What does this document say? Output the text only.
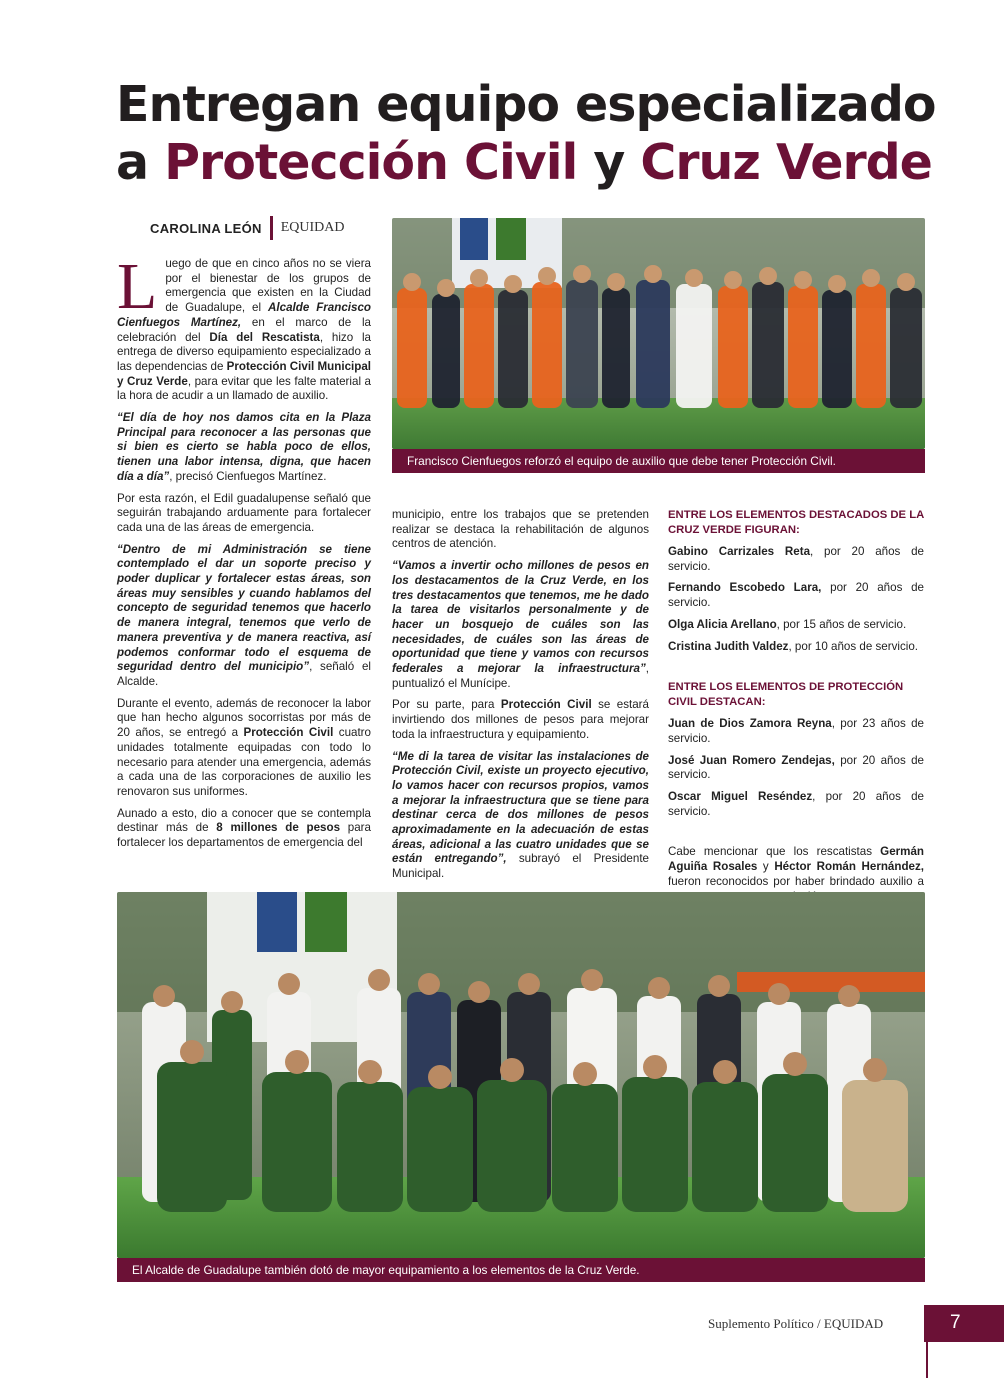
Entregan equipo especializado
a Protección Civil y Cruz Verde
CAROLINA LEÓN EQUIDAD
Francisco Cienfuegos reforzó el equipo de auxilio que debe tener Protección Civil.

Luego de que en cinco años no se viera por el bienestar de los grupos de emergencia que existen en la Ciudad de Guadalupe, el Alcalde Francisco Cienfuegos Martínez, en el marco de la celebración del Día del Rescatista, hizo la entrega de diverso equipamiento especializado a las dependencias de Protección Civil Municipal y Cruz Verde, para evitar que les falte material a la hora de acudir a un llamado de auxilio.

“El día de hoy nos damos cita en la Plaza Principal para reconocer a las personas que si bien es cierto se habla poco de ellos, tienen una labor intensa, digna, que hacen día a día”, precisó Cienfuegos Martínez.

Por esta razón, el Edil guadalupense señaló que seguirán trabajando arduamente para fortalecer cada una de las áreas de emergencia.

“Dentro de mi Administración se tiene contemplado el dar un soporte preciso y poder duplicar y fortalecer estas áreas, son áreas muy sensibles y cuando hablamos del concepto de seguridad tenemos que hacerlo de manera integral, tenemos que verlo de manera preventiva y de manera reactiva, así podemos conformar todo el esquema de seguridad dentro del municipio”, señaló el Alcalde.

Durante el evento, además de reconocer la labor que han hecho algunos socorristas por más de 20 años, se entregó a Protección Civil cuatro unidades totalmente equipadas con todo lo necesario para atender una emergencia, además a cada una de las corporaciones de auxilio les renovaron sus uniformes.

Aunado a esto, dio a conocer que se contempla destinar más de 8 millones de pesos para fortalecer los departamentos de emergencia del

municipio, entre los trabajos que se pretenden realizar se destaca la rehabilitación de algunos centros de atención.

“Vamos a invertir ocho millones de pesos en los destacamentos de la Cruz Verde, en los tres destacamentos que tenemos, me he dado la tarea de visitarlos personalmente y de hacer un bosquejo de cuáles son las necesidades, de cuáles son las áreas de oportunidad que tiene y vamos con recursos federales a mejorar la infraestructura”, puntualizó el Munícipe.

Por su parte, para Protección Civil se estará invirtiendo dos millones de pesos para mejorar toda la infraestructura y equipamiento.

“Me di la tarea de visitar las instalaciones de Protección Civil, existe un proyecto ejecutivo, lo vamos hacer con recursos propios, vamos a mejorar la infraestructura que se tiene para destinar cerca de dos millones de pesos aproximadamente en la adecuación de estas áreas, adicional a las cuatro unidades que se están entregando”, subrayó el Presidente Municipal.

ENTRE LOS ELEMENTOS DESTACADOS DE LA CRUZ VERDE FIGURAN:

Gabino Carrizales Reta, por 20 años de servicio.

Fernando Escobedo Lara, por 20 años de servicio.

Olga Alicia Arellano, por 15 años de servicio.

Cristina Judith Valdez, por 10 años de servicio.

ENTRE LOS ELEMENTOS DE PROTECCIÓN CIVIL DESTACAN:

Juan de Dios Zamora Reyna, por 23 años de servicio.

José Juan Romero Zendejas, por 20 años de servicio.

Oscar Miguel Reséndez, por 20 años de servicio.

Cabe mencionar que los rescatistas Germán Aguiña Rosales y Héctor Román Hernández, fueron reconocidos por haber brindado auxilio a

El Alcalde de Guadalupe también dotó de mayor equipamiento a los elementos de la Cruz Verde.
Suplemento Político / EQUIDAD	7
